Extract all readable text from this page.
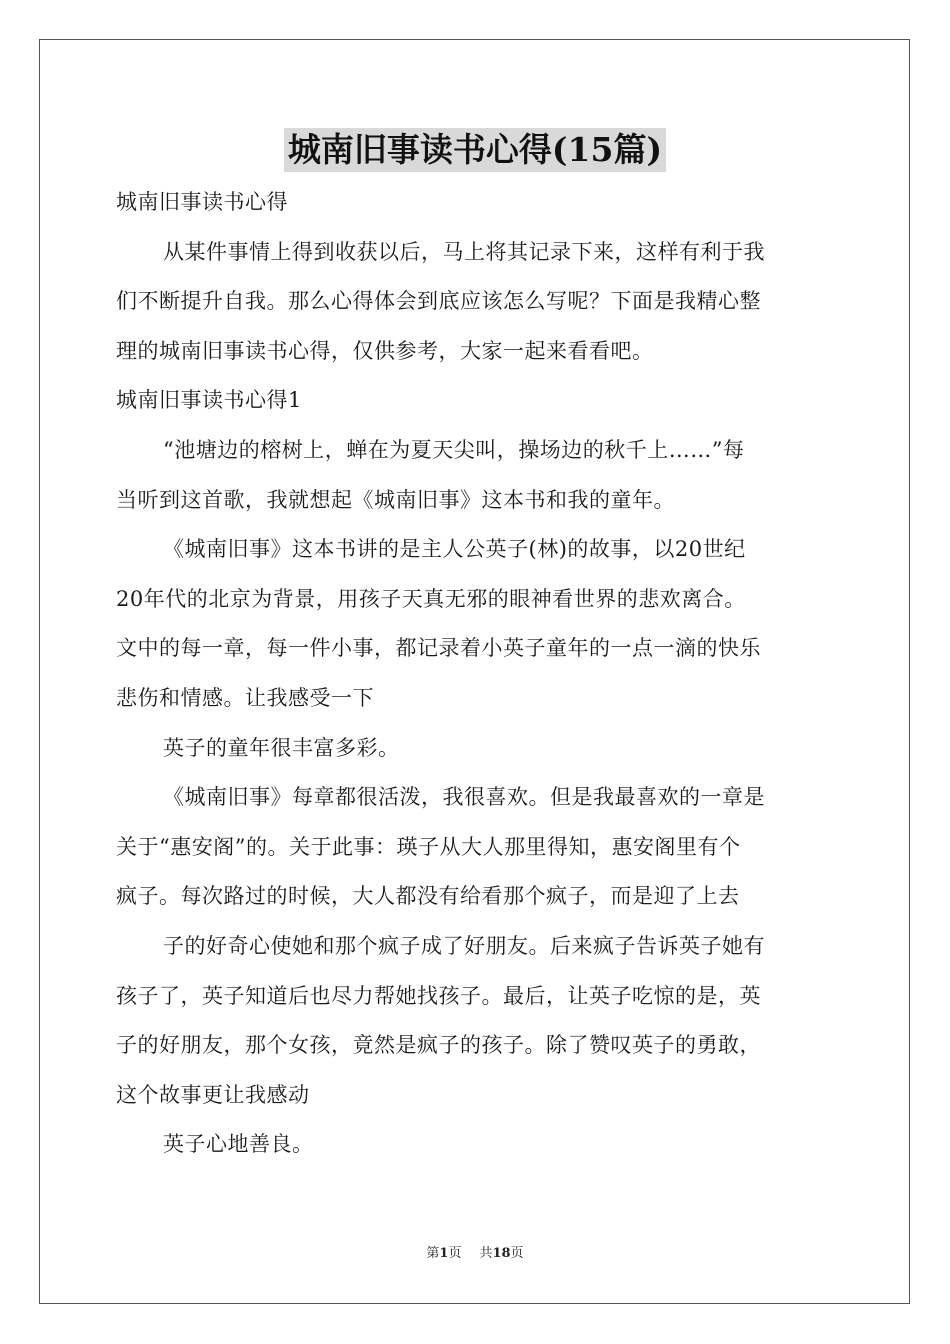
城南旧事读书心得(15篇)
城南旧事读书心得
从某件事情上得到收获以后，马上将其记录下来，这样有利于我
们不断提升自我。那么心得体会到底应该怎么写呢？下面是我精心整
理的城南旧事读书心得，仅供参考，大家一起来看看吧。
城南旧事读书心得1
“池塘边的榕树上，蝉在为夏天尖叫，操场边的秋千上……”每
当听到这首歌，我就想起《城南旧事》这本书和我的童年。
《城南旧事》这本书讲的是主人公英子(林)的故事，以20世纪
20年代的北京为背景，用孩子天真无邪的眼神看世界的悲欢离合。
文中的每一章，每一件小事，都记录着小英子童年的一点一滴的快乐
悲伤和情感。让我感受一下
英子的童年很丰富多彩。
《城南旧事》每章都很活泼，我很喜欢。但是我最喜欢的一章是
关于“惠安阁”的。关于此事：瑛子从大人那里得知，惠安阁里有个
疯子。每次路过的时候，大人都没有给看那个疯子，而是迎了上去
子的好奇心使她和那个疯子成了好朋友。后来疯子告诉英子她有
孩子了，英子知道后也尽力帮她找孩子。最后，让英子吃惊的是，英
子的好朋友，那个女孩，竟然是疯子的孩子。除了赞叹英子的勇敢，
这个故事更让我感动
英子心地善良。
第1页 共18页
